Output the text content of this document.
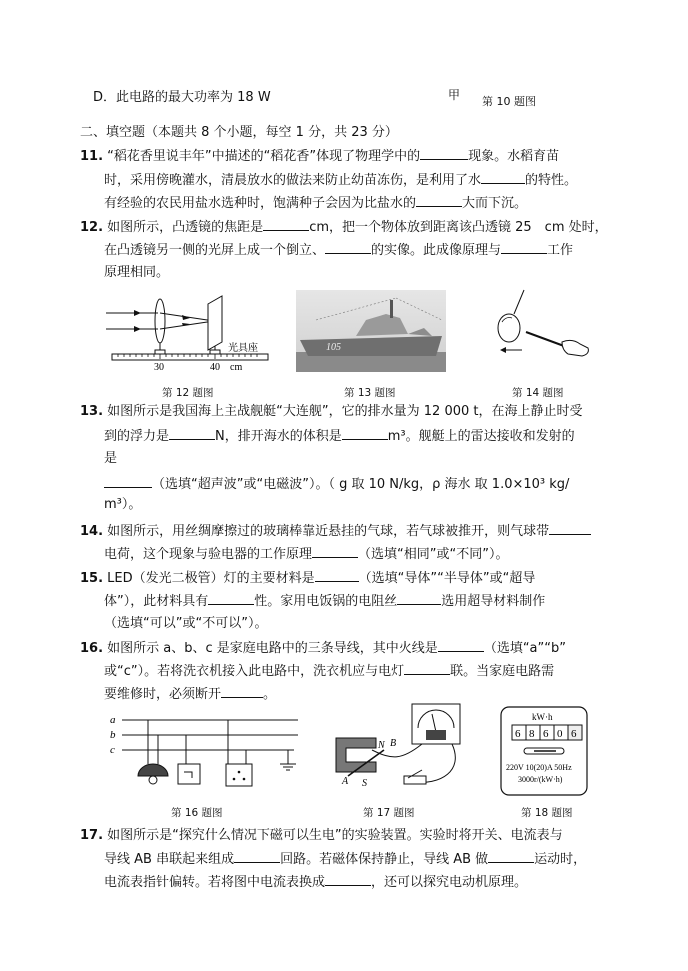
D．此电路的最大功率为 18 W	甲 第 10 题图
二、填空题（本题共 8 个小题，每空 1 分，共 23 分）
11. “稻花香里说丰年”中描述的“稻花香”体现了物理学中的	现象。水稻育苗
时，采用傍晚灌水，清晨放水的做法来防止幼苗冻伤，是利用了水	的特性。
有经验的农民用盐水选种时，饱满种子会因为比盐水的	大而下沉。
12. 如图所示，凸透镜的焦距是	cm，把一个物体放到距离该凸透镜 25　cm 处时，
在凸透镜另一侧的光屏上成一个倒立、	的实像。此成像原理与	工作
原理相同。
30	40 cm
光具座
第 12 题图
105
第 13 题图	第 14 题图
13. 如图所示是我国海上主战舰艇“大连舰”，它的排水量为 12 000 t，在海上静止时受
到的浮力是	N，排开海水的体积是	m³。舰艇上的雷达接收和发射的
是
（选填“超声波”或“电磁波”）。（ g 取 10 N/kg，ρ 海水 取 1.0×10³ kg/
m³）。
14. 如图所示，用丝绸摩擦过的玻璃棒靠近悬挂的气球，若气球被推开，则气球带
电荷，这个现象与验电器的工作原理	（选填“相同”或“不同”）。
15. LED（发光二极管）灯的主要材料是	（选填“导体”“半导体”或“超导
体”），此材料具有	性。家用电饭锅的电阻丝	选用超导材料制作
（选填“可以”或“不可以”）。
16. 如图所示 a、b、c 是家庭电路中的三条导线，其中火线是	（选填“a”“b”
或“c”）。若将洗衣机接入此电路中，洗衣机应与电灯	联。当家庭电路需
要维修时，必须断开	。
a
b
c
第 16 题图
N B
A S
第 17 题图
kW·h
6 8 6 0 6
220V 10(20)A 50Hz
3000r/(kW·h)
第 18 题图
17. 如图所示是“探究什么情况下磁可以生电”的实验装置。实验时将开关、电流表与
导线 AB 串联起来组成	回路。若磁体保持静止，导线 AB 做	运动时，
电流表指针偏转。若将图中电流表换成	，还可以探究电动机原理。
